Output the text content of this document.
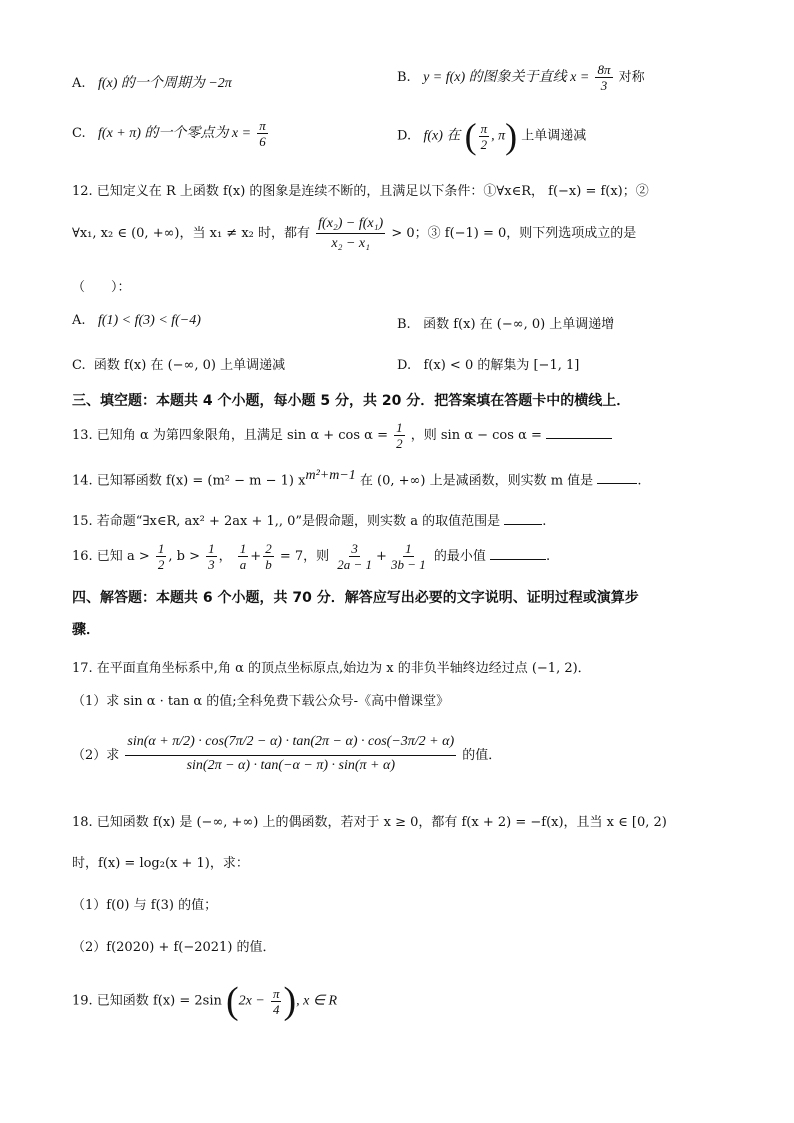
A. f(x) 的一个周期为 −2π	B. y = f(x) 的图象关于直线 $x = \frac{8\pi}{3}$ 对称
C. f(x + π) 的一个零点为 $x = \frac{\pi}{6}$	D. f(x) 在 ( $\frac{\pi}{2}$ , π) 上单调递减
12. 已知定义在 R 上函数 f(x) 的图象是连续不断的，且满足以下条件：①∀x∈R， f(−x) = f(x)；②
∀x₁, x₂ ∈ (0, +∞)，当 x₁ ≠ x₂ 时，都有 $\frac{\text{f(x₂) − f(x₁)}}{\text{x₂ − x₁}} > 0$；③ f(−1) = 0，则下列选项成立的是
（　　）：
A. f(1) < f(3) < f(−4)	B. 函数 f(x) 在 (−∞, 0) 上单调递增
C. 函数 f(x) 在 (−∞, 0) 上单调递减	D. f(x) < 0 的解集为 [−1, 1]
三、填空题：本题共 4 个小题，每小题 5 分，共 20 分．把答案填在答题卡中的横线上．
13. 已知角 α 为第四象限角，且满足 $\sin \alpha + \cos \alpha = \frac{1}{2}$ ，则 sin α − cos α =
14. 已知幂函数 f(x) = (m² − m − 1) $x^{m^2+m-1}$ 在 (0, +∞) 上是减函数，则实数 m 值是	.
15. 若命题“∃x∈R, ax² + 2ax + 1,, 0”是假命题，则实数 a 的取值范围是	.
16. 已知 $a > \frac{1}{2}$ , $b > \frac{1}{3}$ ， $\frac{1}{a} + \frac{2}{b} = 7$，则 $\frac{3}{2a - 1} + \frac{1}{3b - 1}$ 的最小值	.
四、解答题：本题共 6 个小题，共 70 分．解答应写出必要的文字说明、证明过程或演算步
骤．
17. 在平面直角坐标系中,角 α 的顶点坐标原点,始边为 x 的非负半轴终边经过点 (−1, 2)．
（1）求 sin α · tan α 的值;全科免费下载公众号-《高中僧课堂》
（2）求 $\frac{\sin(\alpha + \pi/2) \cdot \cos(7\pi/2 - \alpha) \cdot \tan(2\pi - \alpha) \cdot \cos(-3\pi/2 + \alpha)}{\sin(2\pi - \alpha) \cdot \tan(-\alpha - \pi) \cdot \sin(\pi + \alpha)}$ 的值．
18. 已知函数 f(x) 是 (−∞, +∞) 上的偶函数，若对于 x ≥ 0，都有 f(x + 2) = −f(x)，且当 x ∈ [0, 2)
时，f(x) = log₂(x + 1)，求：
（1）f(0) 与 f(3) 的值；
（2）f(2020) + f(−2021) 的值．
19. 已知函数 f(x) = 2sin ($2x - \frac{\pi}{4}$ ), x ∈ R
